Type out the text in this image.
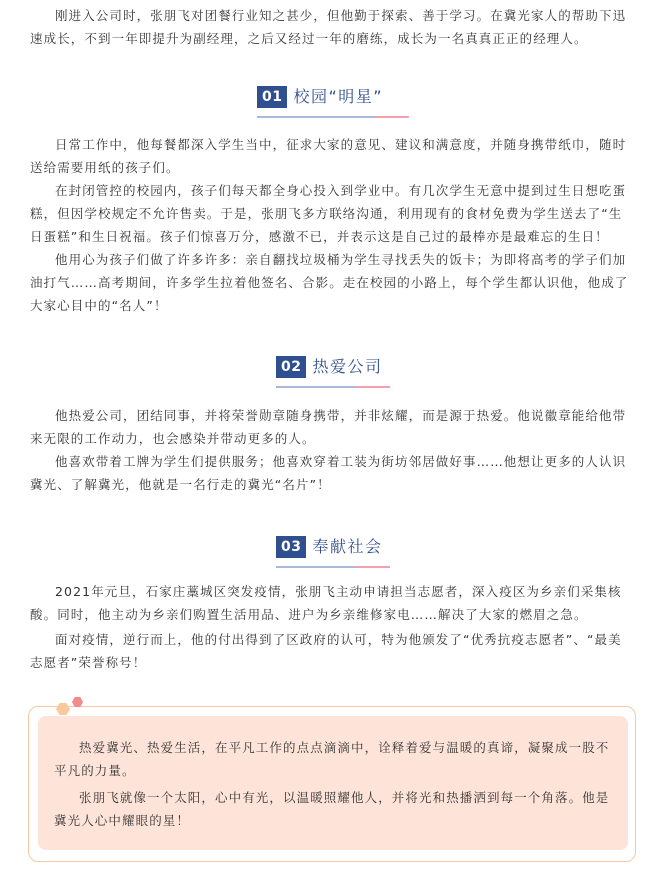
刚进入公司时，张朋飞对团餐行业知之甚少，但他勤于探索、善于学习。在冀光家人的帮助下迅速成长，不到一年即提升为副经理，之后又经过一年的磨练，成长为一名真真正正的经理人。

01 校园“明星”

日常工作中，他每餐都深入学生当中，征求大家的意见、建议和满意度，并随身携带纸巾，随时送给需要用纸的孩子们。

在封闭管控的校园内，孩子们每天都全身心投入到学业中。有几次学生无意中提到过生日想吃蛋糕，但因学校规定不允许售卖。于是，张朋飞多方联络沟通，利用现有的食材免费为学生送去了“生日蛋糕”和生日祝福。孩子们惊喜万分，感激不已，并表示这是自己过的最棒亦是最难忘的生日！

他用心为孩子们做了许多许多：亲自翻找垃圾桶为学生寻找丢失的饭卡；为即将高考的学子们加油打气……高考期间，许多学生拉着他签名、合影。走在校园的小路上，每个学生都认识他，他成了大家心目中的“名人”！

02 热爱公司

他热爱公司，团结同事，并将荣誉勋章随身携带，并非炫耀，而是源于热爱。他说徽章能给他带来无限的工作动力，也会感染并带动更多的人。

他喜欢带着工牌为学生们提供服务；他喜欢穿着工装为街坊邻居做好事……他想让更多的人认识冀光、了解冀光，他就是一名行走的冀光“名片”！

03 奉献社会

2021年元旦，石家庄藁城区突发疫情，张朋飞主动申请担当志愿者，深入疫区为乡亲们采集核酸。同时，他主动为乡亲们购置生活用品、进户为乡亲维修家电……解决了大家的燃眉之急。

面对疫情，逆行而上，他的付出得到了区政府的认可，特为他颁发了“优秀抗疫志愿者”、“最美志愿者”荣誉称号！

热爱冀光、热爱生活，在平凡工作的点点滴滴中，诠释着爱与温暖的真谛，凝聚成一股不平凡的力量。

张朋飞就像一个太阳，心中有光，以温暖照耀他人，并将光和热播洒到每一个角落。他是冀光人心中耀眼的星！
